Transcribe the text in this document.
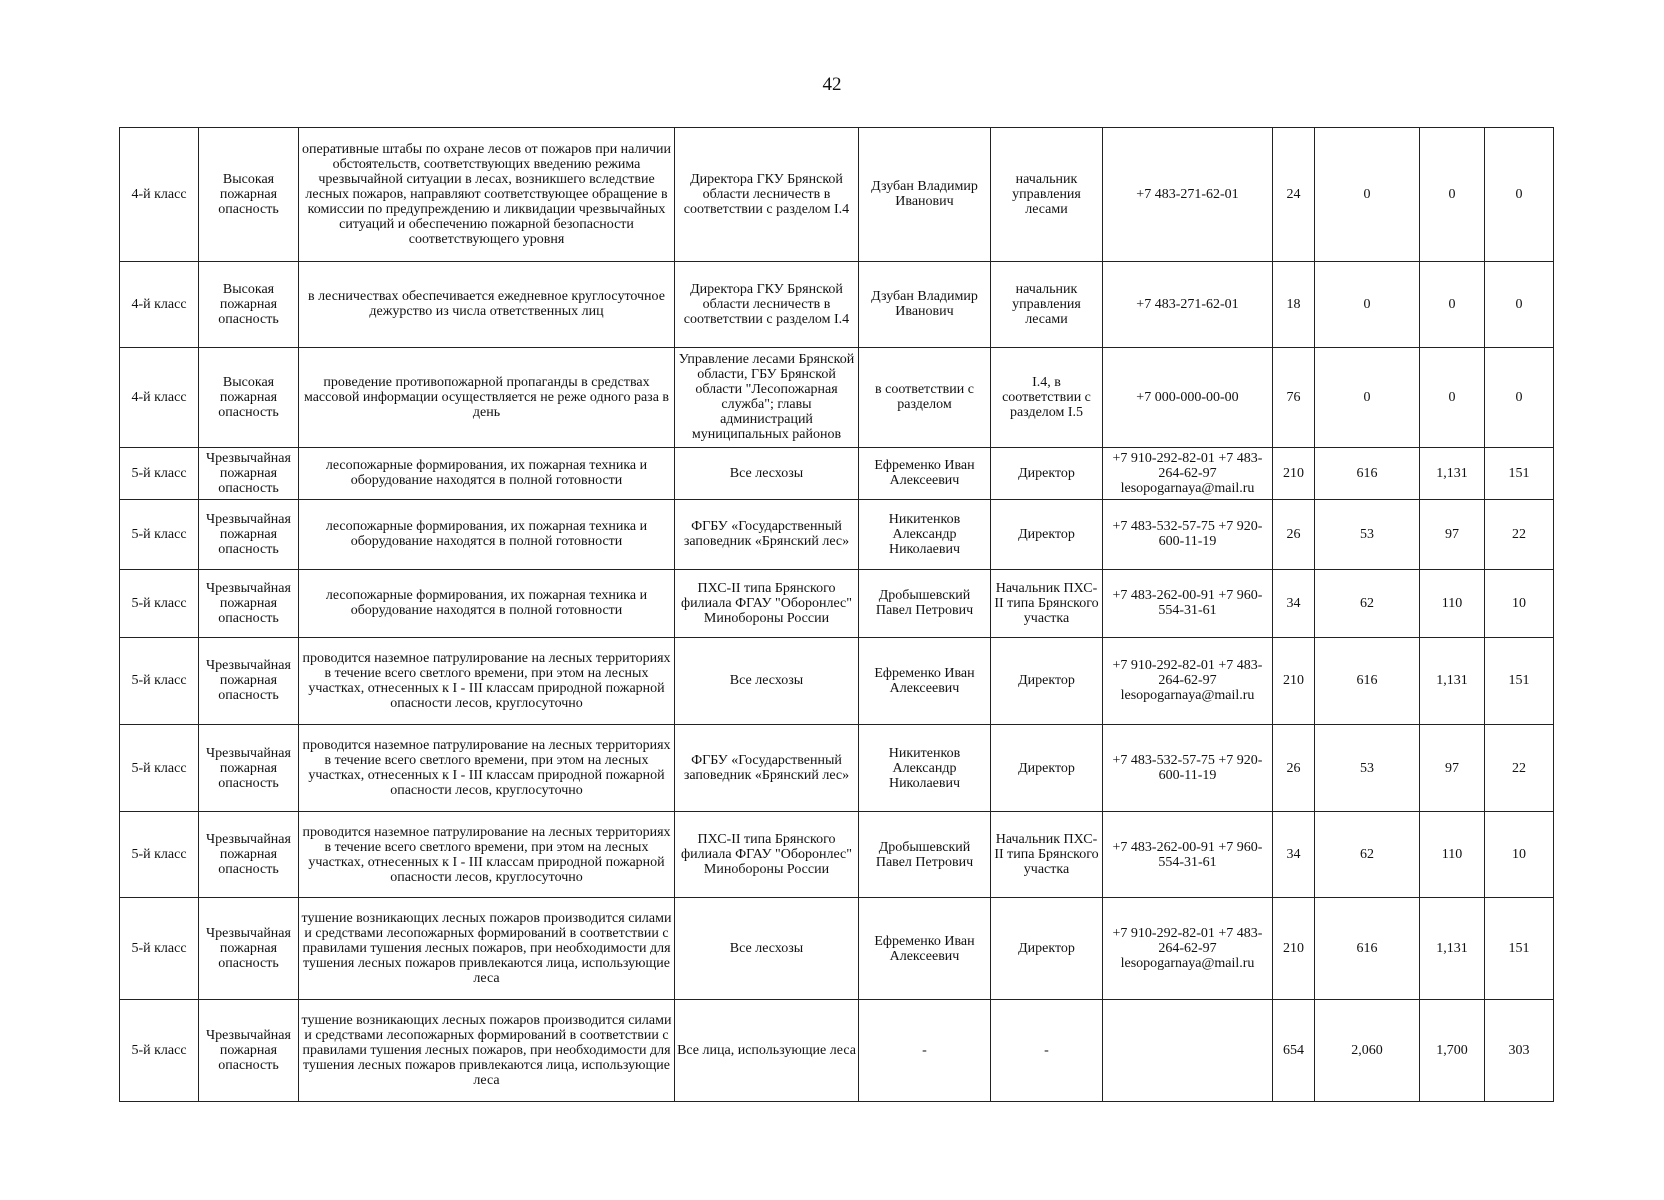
42
4-й класс	Высокая пожарная опасность	оперативные штабы по охране лесов от пожаров при наличии обстоятельств, соответствующих введению режима чрезвычайной ситуации в лесах, возникшего вследствие лесных пожаров, направляют соответствующее обращение в комиссии по предупреждению и ликвидации чрезвычайных ситуаций и обеспечению пожарной безопасности соответствующего уровня	Директора ГКУ Брянской области лесничеств в соответствии с разделом I.4	Дзубан Владимир Иванович	начальник управления лесами	+7 483-271-62-01	24	0	0	0
4-й класс	Высокая пожарная опасность	в лесничествах обеспечивается ежедневное круглосуточное дежурство из числа ответственных лиц	Директора ГКУ Брянской области лесничеств в соответствии с разделом I.4	Дзубан Владимир Иванович	начальник управления лесами	+7 483-271-62-01	18	0	0	0
4-й класс	Высокая пожарная опасность	проведение противопожарной пропаганды в средствах массовой информации осуществляется не реже одного раза в день	Управление лесами Брянской области, ГБУ Брянской области "Лесопожарная служба"; главы администраций муниципальных районов	в соответствии с разделом	I.4, в соответствии с разделом I.5	+7 000-000-00-00	76	0	0	0
5-й класс	Чрезвычайная пожарная опасность	лесопожарные формирования, их пожарная техника и оборудование находятся в полной готовности	Все лесхозы	Ефременко Иван Алексеевич	Директор	+7 910-292-82-01 +7 483-264-62-97 lesopogarnaya@mail.ru	210	616	1,131	151
5-й класс	Чрезвычайная пожарная опасность	лесопожарные формирования, их пожарная техника и оборудование находятся в полной готовности	ФГБУ «Государственный заповедник «Брянский лес»	Никитенков Александр Николаевич	Директор	+7 483-532-57-75 +7 920-600-11-19	26	53	97	22
5-й класс	Чрезвычайная пожарная опасность	лесопожарные формирования, их пожарная техника и оборудование находятся в полной готовности	ПХС-II типа Брянского филиала ФГАУ "Оборонлес" Минобороны России	Дробышевский Павел Петрович	Начальник ПХС-II типа Брянского участка	+7 483-262-00-91 +7 960-554-31-61	34	62	110	10
5-й класс	Чрезвычайная пожарная опасность	проводится наземное патрулирование на лесных территориях в течение всего светлого времени, при этом на лесных участках, отнесенных к I - III классам природной пожарной опасности лесов, круглосуточно	Все лесхозы	Ефременко Иван Алексеевич	Директор	+7 910-292-82-01 +7 483-264-62-97 lesopogarnaya@mail.ru	210	616	1,131	151
5-й класс	Чрезвычайная пожарная опасность	проводится наземное патрулирование на лесных территориях в течение всего светлого времени, при этом на лесных участках, отнесенных к I - III классам природной пожарной опасности лесов, круглосуточно	ФГБУ «Государственный заповедник «Брянский лес»	Никитенков Александр Николаевич	Директор	+7 483-532-57-75 +7 920-600-11-19	26	53	97	22
5-й класс	Чрезвычайная пожарная опасность	проводится наземное патрулирование на лесных территориях в течение всего светлого времени, при этом на лесных участках, отнесенных к I - III классам природной пожарной опасности лесов, круглосуточно	ПХС-II типа Брянского филиала ФГАУ "Оборонлес" Минобороны России	Дробышевский Павел Петрович	Начальник ПХС-II типа Брянского участка	+7 483-262-00-91 +7 960-554-31-61	34	62	110	10
5-й класс	Чрезвычайная пожарная опасность	тушение возникающих лесных пожаров производится силами и средствами лесопожарных формирований в соответствии с правилами тушения лесных пожаров, при необходимости для тушения лесных пожаров привлекаются лица, использующие леса	Все лесхозы	Ефременко Иван Алексеевич	Директор	+7 910-292-82-01 +7 483-264-62-97 lesopogarnaya@mail.ru	210	616	1,131	151
5-й класс	Чрезвычайная пожарная опасность	тушение возникающих лесных пожаров производится силами и средствами лесопожарных формирований в соответствии с правилами тушения лесных пожаров, при необходимости для тушения лесных пожаров привлекаются лица, использующие леса	Все лица, использующие леса	-	-		654	2,060	1,700	303
